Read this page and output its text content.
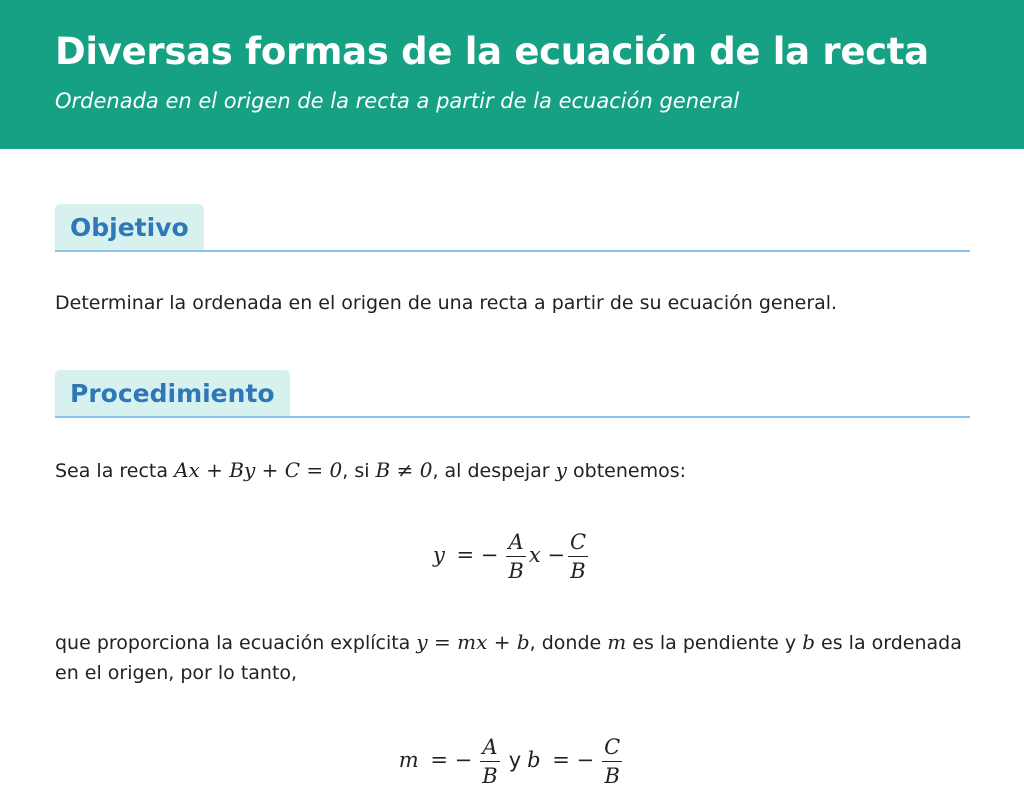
Diversas formas de la ecuación de la recta
Ordenada en el origen de la recta a partir de la ecuación general
Objetivo
Determinar la ordenada en el origen de una recta a partir de su ecuación general.
Procedimiento
Sea la recta Ax + By + C = 0, si B ≠ 0, al despejar y obtenemos:
y = − $\frac{A}{B}$ $x - \frac{C}{B}$
que proporciona la ecuación explícita y = mx + b, donde m es la pendiente y b es la ordenada en el origen, por lo tanto,
m = − $\frac{A}{B}$ y b = − $\frac{C}{B}$
